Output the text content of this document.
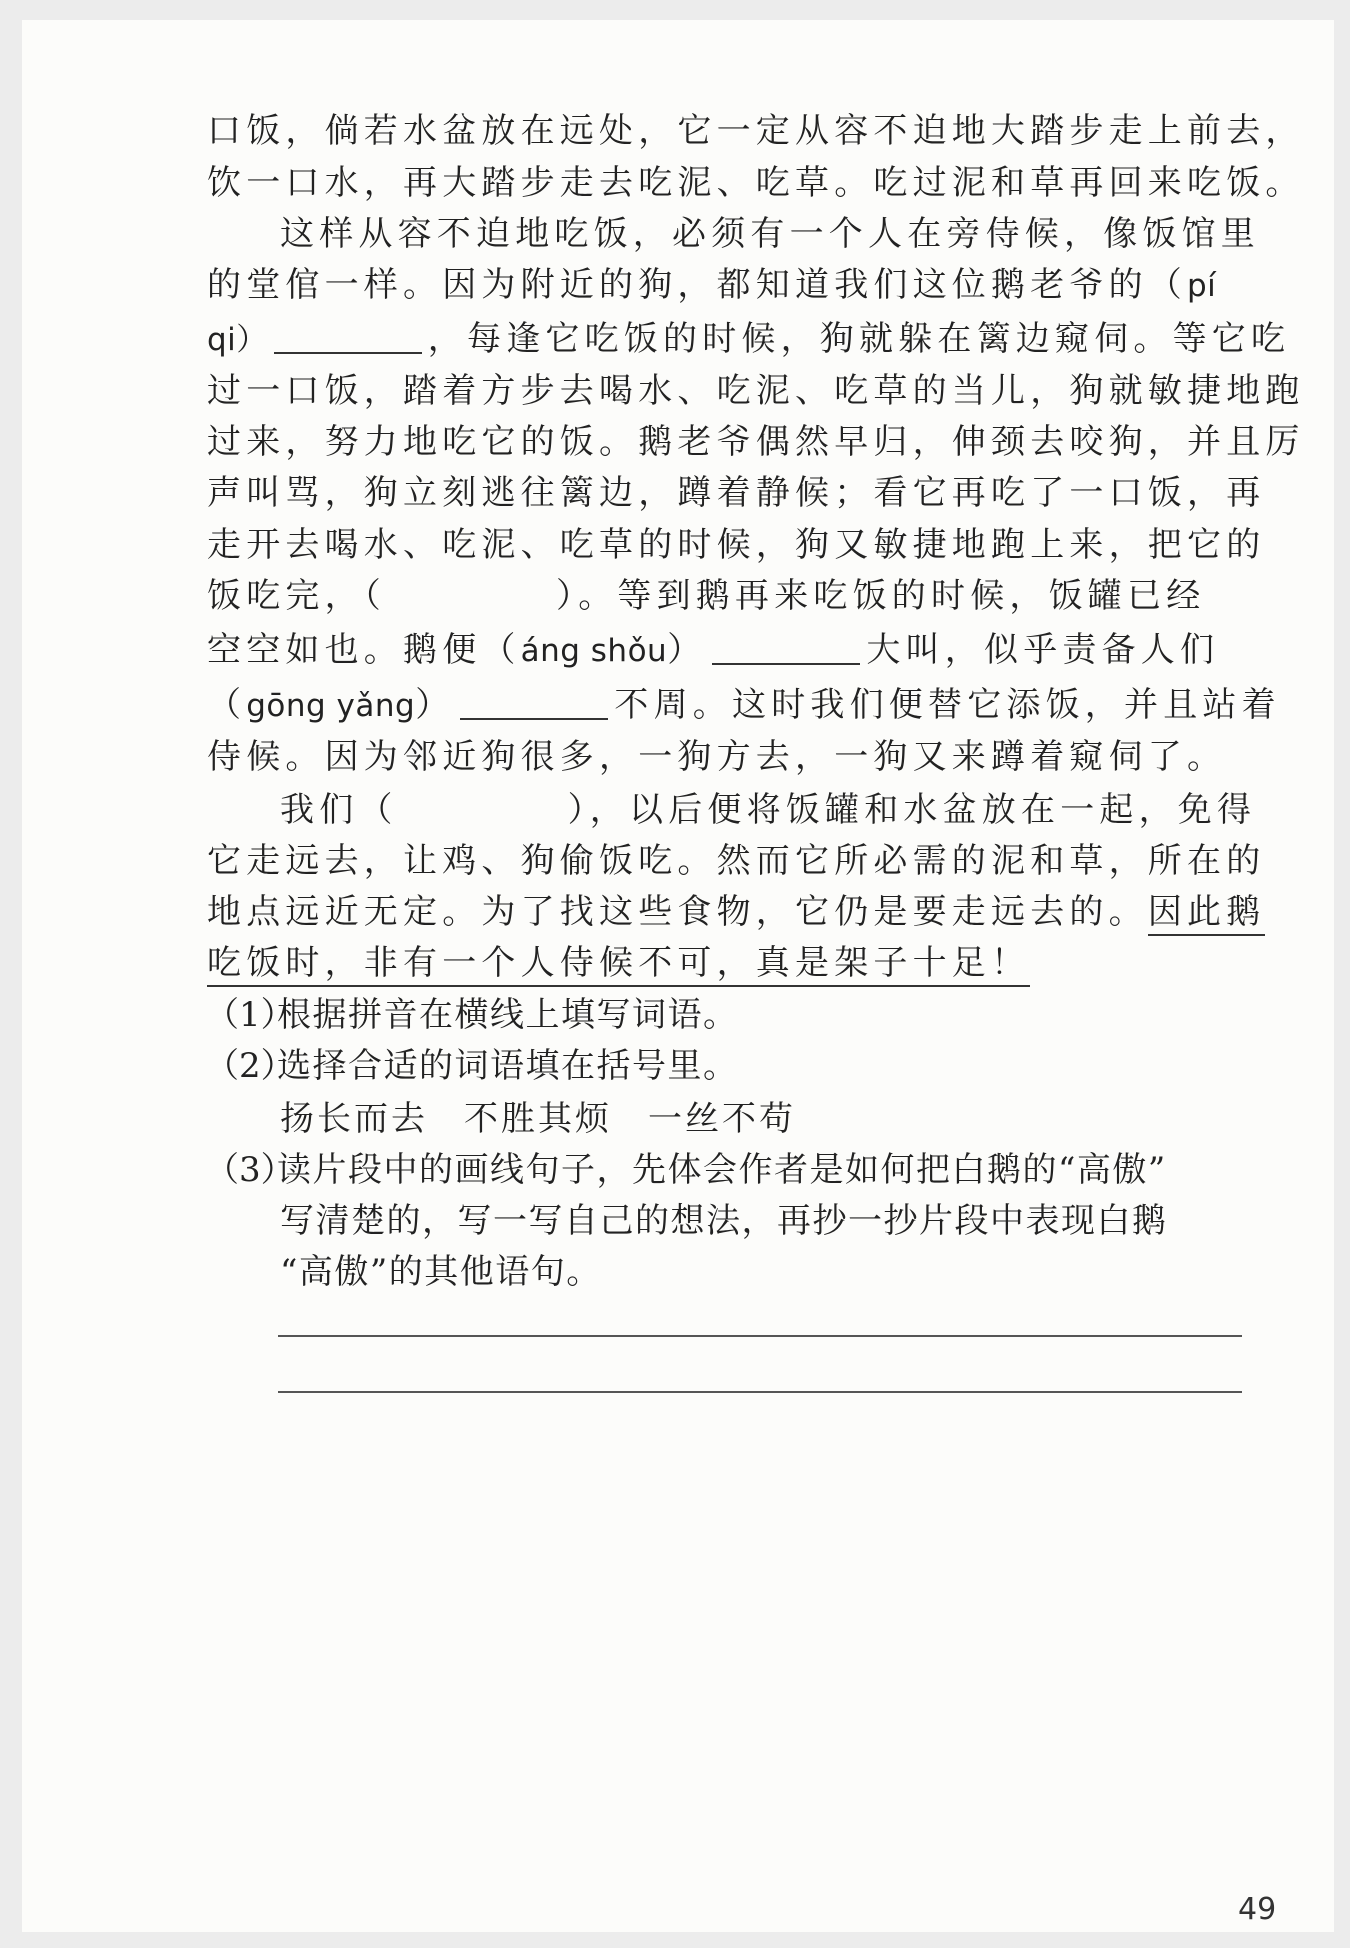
口饭，倘若水盆放在远处，它一定从容不迫地大踏步走上前去，
饮一口水，再大踏步走去吃泥、吃草。吃过泥和草再回来吃饭。
这样从容不迫地吃饭，必须有一个人在旁侍候，像饭馆里
的堂倌一样。因为附近的狗，都知道我们这位鹅老爷的（pí
qi）	，每逢它吃饭的时候，狗就躲在篱边窥伺。等它吃
过一口饭，踏着方步去喝水、吃泥、吃草的当儿，狗就敏捷地跑
过来，努力地吃它的饭。鹅老爷偶然早归，伸颈去咬狗，并且厉
声叫骂，狗立刻逃往篱边，蹲着静候；看它再吃了一口饭，再
走开去喝水、吃泥、吃草的时候，狗又敏捷地跑上来，把它的
饭吃完，（	）。等到鹅再来吃饭的时候，饭罐已经
空空如也。鹅便（áng shǒu）	大叫，似乎责备人们
（gōng yǎng）	不周。这时我们便替它添饭，并且站着
侍候。因为邻近狗很多，一狗方去，一狗又来蹲着窥伺了。
我们（	），以后便将饭罐和水盆放在一起，免得
它走远去，让鸡、狗偷饭吃。然而它所必需的泥和草，所在的
地点远近无定。为了找这些食物，它仍是要走远去的。因此鹅
吃饭时，非有一个人侍候不可，真是架子十足！
（1）根据拼音在横线上填写词语。
（2）选择合适的词语填在括号里。
扬长而去 不胜其烦 一丝不苟
（3）读片段中的画线句子，先体会作者是如何把白鹅的“高傲”
写清楚的，写一写自己的想法，再抄一抄片段中表现白鹅
“高傲”的其他语句。
49
